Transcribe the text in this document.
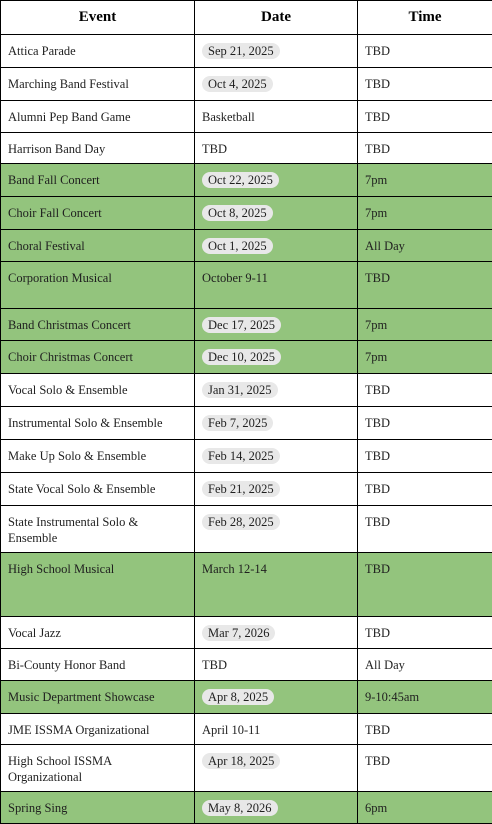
Event	Date	Time
Attica Parade	Sep 21, 2025	TBD
Marching Band Festival	Oct 4, 2025	TBD
Alumni Pep Band Game	Basketball	TBD
Harrison Band Day	TBD	TBD
Band Fall Concert	Oct 22, 2025	7pm
Choir Fall Concert	Oct 8, 2025	7pm
Choral Festival	Oct 1, 2025	All Day
Corporation Musical	October 9-11	TBD
Band Christmas Concert	Dec 17, 2025	7pm
Choir Christmas Concert	Dec 10, 2025	7pm
Vocal Solo & Ensemble	Jan 31, 2025	TBD
Instrumental Solo & Ensemble	Feb 7, 2025	TBD
Make Up Solo & Ensemble	Feb 14, 2025	TBD
State Vocal Solo & Ensemble	Feb 21, 2025	TBD
State Instrumental Solo & Ensemble	Feb 28, 2025	TBD
High School Musical	March 12-14	TBD
Vocal Jazz	Mar 7, 2026	TBD
Bi-County Honor Band	TBD	All Day
Music Department Showcase	Apr 8, 2025	9-10:45am
JME ISSMA Organizational	April 10-11	TBD
High School ISSMA Organizational	Apr 18, 2025	TBD
Spring Sing	May 8, 2026	6pm
